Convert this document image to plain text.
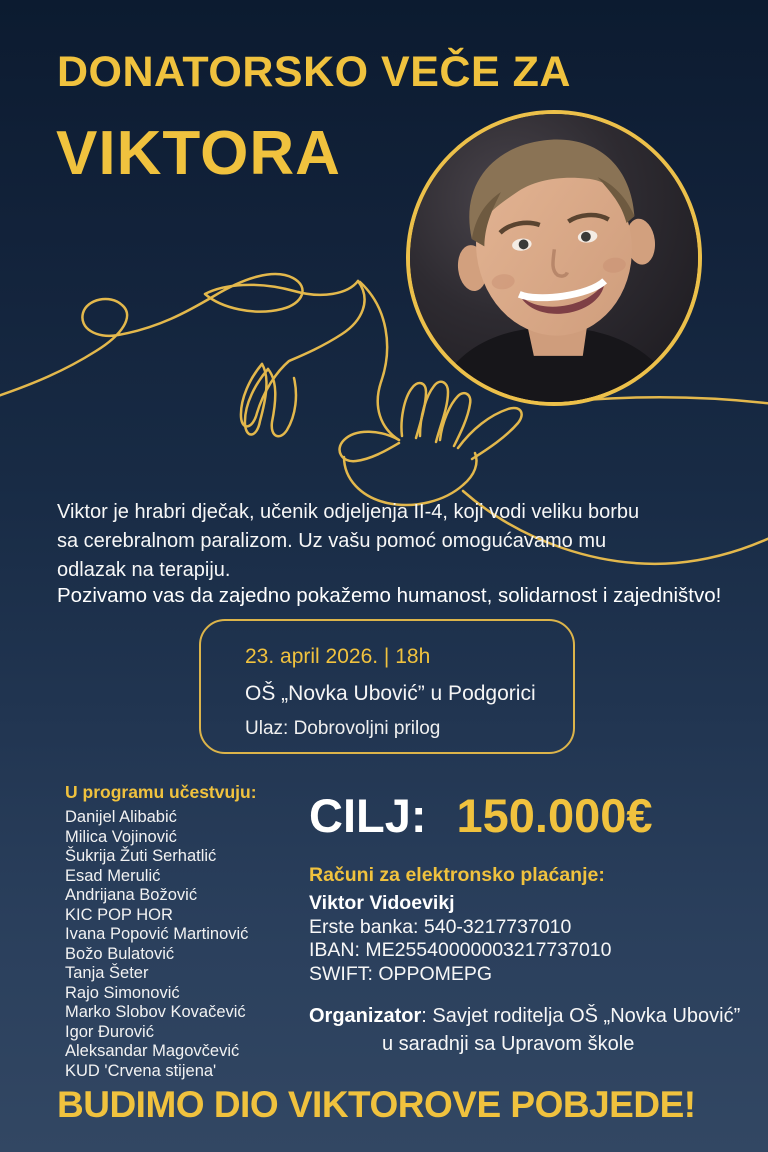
DONATORSKO VEČE ZA
VIKTORA
Viktor je hrabri dječak, učenik odjeljenja II-4, koji vodi veliku borbu
sa cerebralnom paralizom. Uz vašu pomoć omogućavamo mu
odlazak na terapiju.
Pozivamo vas da zajedno pokažemo humanost, solidarnost i zajedništvo!
23. april 2026. | 18h
OŠ „Novka Ubović” u Podgorici
Ulaz: Dobrovoljni prilog
U programu učestvuju:
Danijel Alibabić
Milica Vojinović
Šukrija Žuti Serhatlić
Esad Merulić
Andrijana Božović
KIC POP HOR
Ivana Popović Martinović
Božo Bulatović
Tanja Šeter
Rajo Simonović
Marko Slobov Kovačević
Igor Đurović
Aleksandar Magovčević
KUD 'Crvena stijena'
CILJ: 150.000€
Računi za elektronsko plaćanje:
Viktor Vidoevikj
Erste banka: 540-3217737010
IBAN: ME25540000003217737010
SWIFT: OPPOMEPG
Organizator: Savjet roditelja OŠ „Novka Ubović”
u saradnji sa Upravom škole
BUDIMO DIO VIKTOROVE POBJEDE!
